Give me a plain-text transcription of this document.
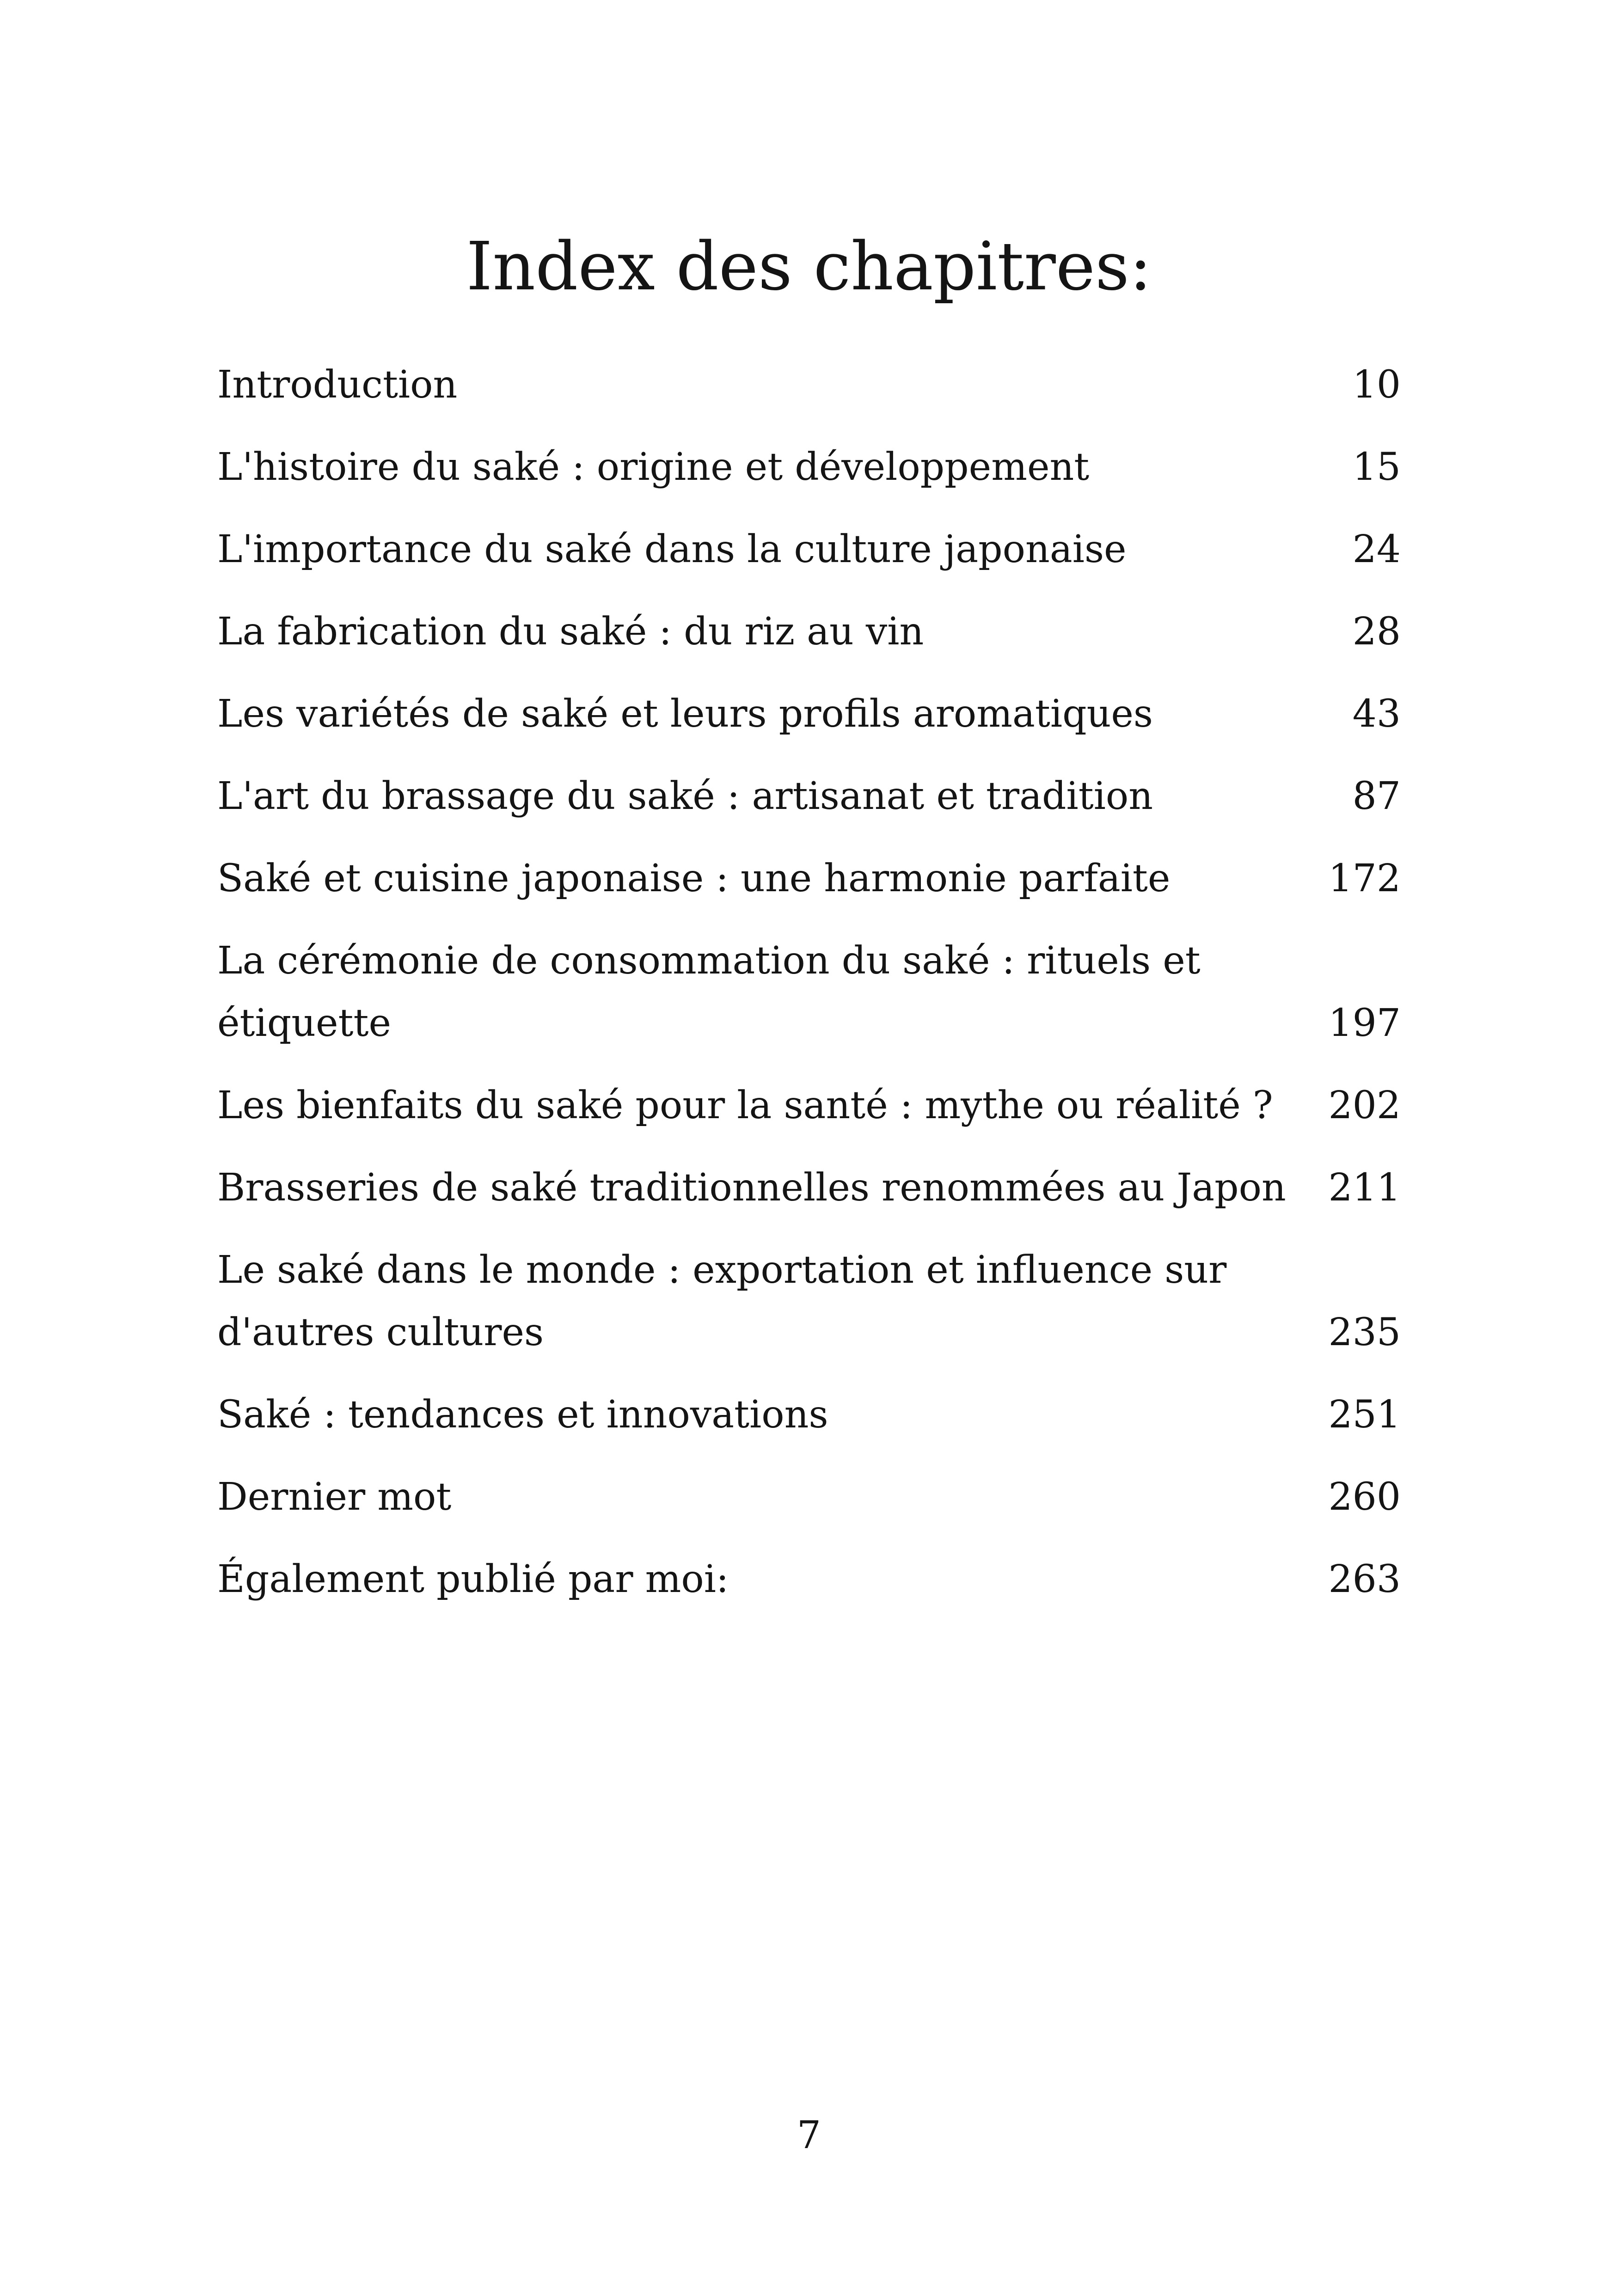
Index des chapitres:
Introduction	10
L'histoire du saké : origine et développement	15
L'importance du saké dans la culture japonaise	24
La fabrication du saké : du riz au vin	28
Les variétés de saké et leurs profils aromatiques	43
L'art du brassage du saké : artisanat et tradition	87
Saké et cuisine japonaise : une harmonie parfaite	172
La cérémonie de consommation du saké : rituels et étiquette	197
Les bienfaits du saké pour la santé : mythe ou réalité ? 202
Brasseries de saké traditionnelles renommées au Japon 211
Le saké dans le monde : exportation et influence sur d'autres cultures	235
Saké : tendances et innovations	251
Dernier mot	260
Également publié par moi:	263
7
